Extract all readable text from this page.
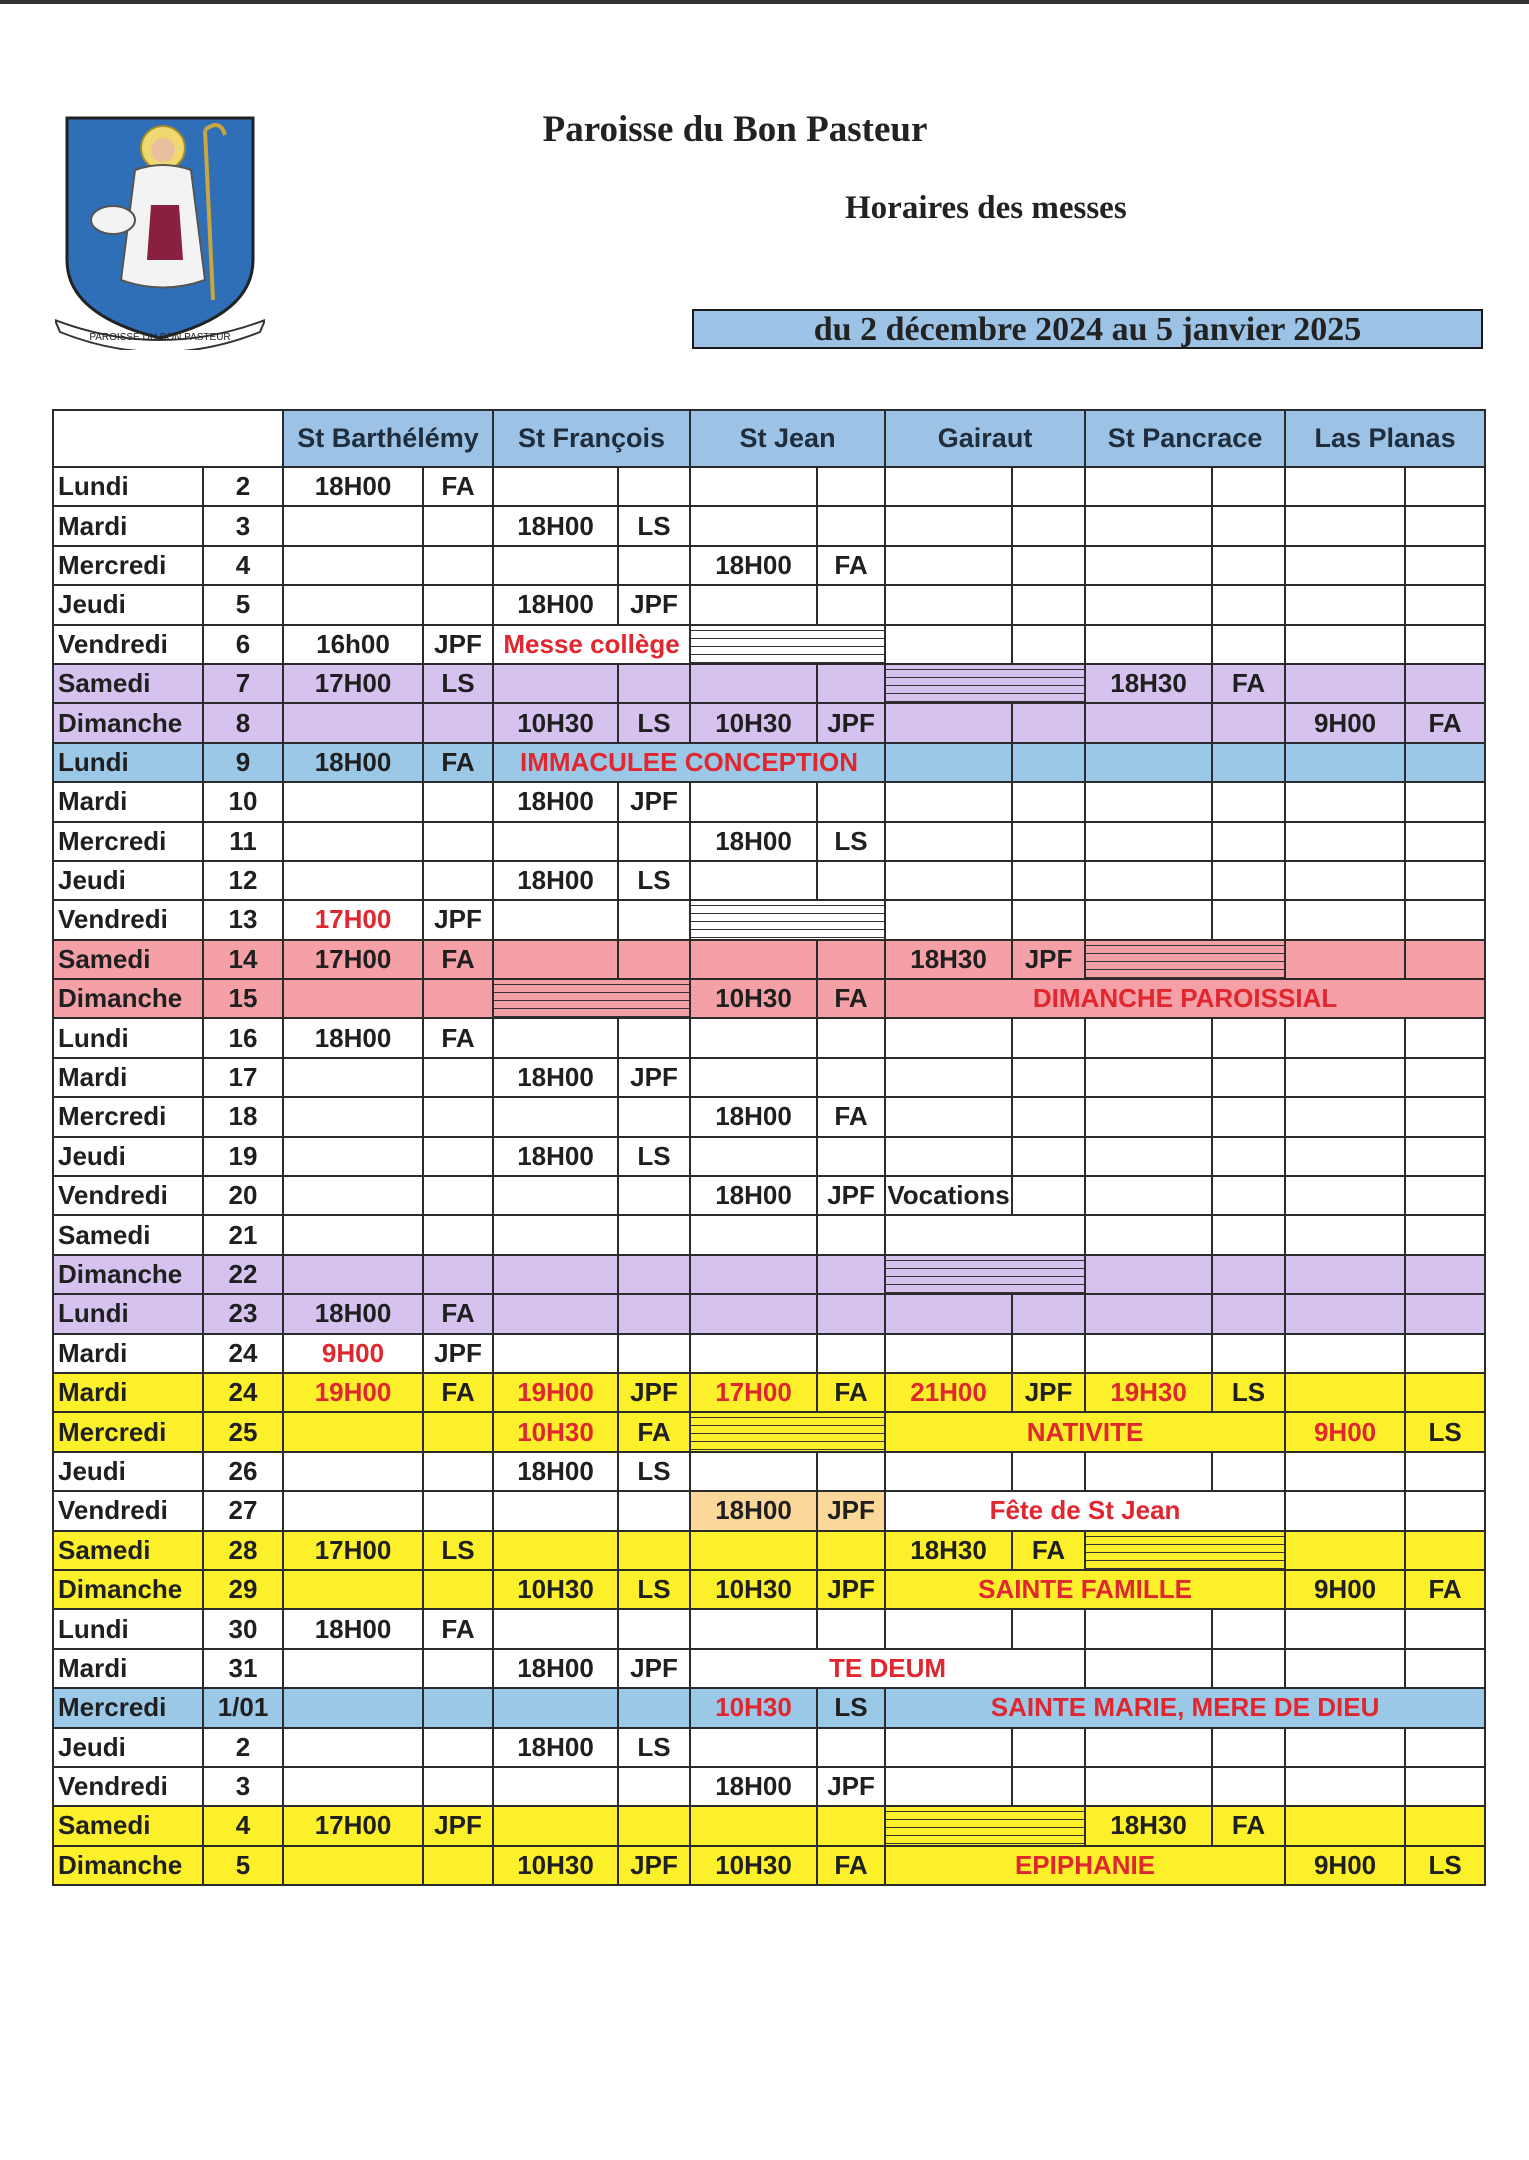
PAROISSE DU BON PASTEUR
Paroisse du Bon Pasteur
Horaires des messes
du 2 décembre 2024 au 5 janvier 2025
		St Barthélémy		St François		St Jean		Gairaut		St Pancrace		Las Planas	
Lundi	2	18H00	FA										
Mardi	3			18H00	LS								
Mercredi	4					18H00	FA						
Jeudi	5			18H00	JPF								
Vendredi	6	16h00	JPF	Messe collège									
Samedi	7	17H00	LS							18H30	FA		
Dimanche	8			10H30	LS	10H30	JPF					9H00	FA
Lundi	9	18H00	FA	IMMACULEE CONCEPTION									
Mardi	10			18H00	JPF								
Mercredi	11					18H00	LS						
Jeudi	12			18H00	LS								
Vendredi	13	17H00	JPF										
Samedi	14	17H00	FA					18H30	JPF				
Dimanche	15					10H30	FA	DIMANCHE PAROISSIAL					
Lundi	16	18H00	FA										
Mardi	17			18H00	JPF								
Mercredi	18					18H00	FA						
Jeudi	19			18H00	LS								
Vendredi	20					18H00	JPF	Vocations					
Samedi	21												
Dimanche	22												
Lundi	23	18H00	FA										
Mardi	24	9H00	JPF										
Mardi	24	19H00	FA	19H00	JPF	17H00	FA	21H00	JPF	19H30	LS		
Mercredi	25			10H30	FA			NATIVITE				9H00	LS
Jeudi	26			18H00	LS								
Vendredi	27					18H00	JPF	Fête de St Jean					
Samedi	28	17H00	LS					18H30	FA				
Dimanche	29			10H30	LS	10H30	JPF	SAINTE FAMILLE				9H00	FA
Lundi	30	18H00	FA										
Mardi	31			18H00	JPF	TE DEUM							
Mercredi	1/01					10H30	LS	SAINTE MARIE, MERE DE DIEU					
Jeudi	2			18H00	LS								
Vendredi	3					18H00	JPF						
Samedi	4	17H00	JPF							18H30	FA		
Dimanche	5			10H30	JPF	10H30	FA	EPIPHANIE				9H00	LS
